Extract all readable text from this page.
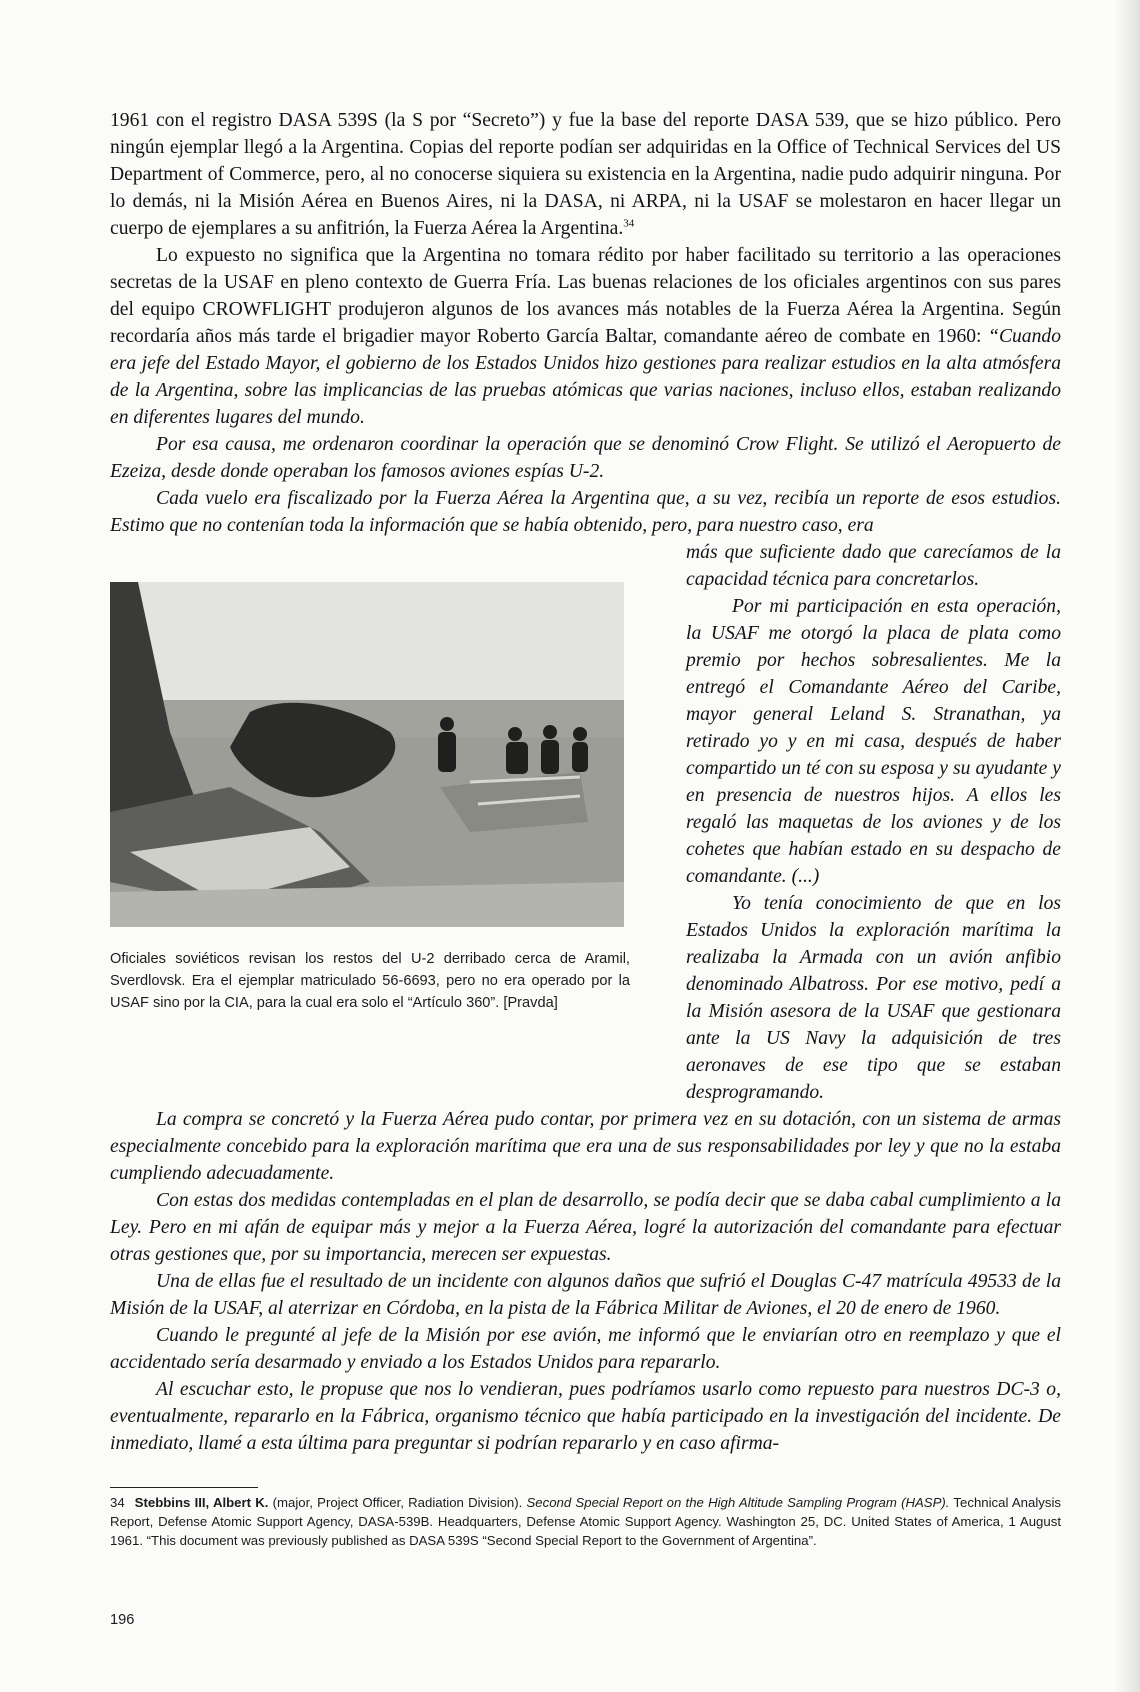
1961 con el registro DASA 539S (la S por “Secreto”) y fue la base del reporte DASA 539, que se hizo público. Pero ningún ejemplar llegó a la Argentina. Copias del reporte podían ser adquiridas en la Office of Technical Services del US Department of Commerce, pero, al no conocerse siquiera su existencia en la Argentina, nadie pudo adquirir ninguna. Por lo demás, ni la Misión Aérea en Buenos Aires, ni la DASA, ni ARPA, ni la USAF se molestaron en hacer llegar un cuerpo de ejemplares a su anfitrión, la Fuerza Aérea la Argentina.$^{34}$

Lo expuesto no significa que la Argentina no tomara rédito por haber facilitado su territorio a las operaciones secretas de la USAF en pleno contexto de Guerra Fría. Las buenas relaciones de los oficiales argentinos con sus pares del equipo CROWFLIGHT produjeron algunos de los avances más notables de la Fuerza Aérea la Argentina. Según recordaría años más tarde el brigadier mayor Roberto García Baltar, comandante aéreo de combate en 1960: “Cuando era jefe del Estado Mayor, el gobierno de los Estados Unidos hizo gestiones para realizar estudios en la alta atmósfera de la Argentina, sobre las implicancias de las pruebas atómicas que varias naciones, incluso ellos, estaban realizando en diferentes lugares del mundo.

Por esa causa, me ordenaron coordinar la operación que se denominó Crow Flight. Se utilizó el Aeropuerto de Ezeiza, desde donde operaban los famosos aviones espías U-2.

Cada vuelo era fiscalizado por la Fuerza Aérea la Argentina que, a su vez, recibía un reporte de esos estudios. Estimo que no contenían toda la información que se había obtenido, pero, para nuestro caso, era

más que suficiente dado que carecíamos de la capacidad técnica para concretarlos.

Por mi participación en esta operación, la USAF me otorgó la placa de plata como premio por hechos sobresalientes. Me la entregó el Comandante Aéreo del Caribe, mayor general Leland S. Stranathan, ya retirado yo y en mi casa, después de haber compartido un té con su esposa y su ayudante y en presencia de nuestros hijos. A ellos les regaló las maquetas de los aviones y de los cohetes que habían estado en su despacho de comandante. (...)

Yo tenía conocimiento de que en los Estados Unidos la exploración marítima la realizaba la Armada con un avión anfibio denominado Albatross. Por ese motivo, pedí a la Misión asesora de la USAF que gestionara ante la US Navy la adquisición de tres aeronaves de ese tipo que se estaban desprogramando.

La compra se concretó y la Fuerza Aérea pudo contar, por primera vez en su dotación, con un sistema de armas especialmente concebido para la exploración marítima que era una de sus responsabilidades por ley y que no la estaba cumpliendo adecuadamente.

Con estas dos medidas contempladas en el plan de desarrollo, se podía decir que se daba cabal cumplimiento a la Ley. Pero en mi afán de equipar más y mejor a la Fuerza Aérea, logré la autorización del comandante para efectuar otras gestiones que, por su importancia, merecen ser expuestas.

Una de ellas fue el resultado de un incidente con algunos daños que sufrió el Douglas C-47 matrícula 49533 de la Misión de la USAF, al aterrizar en Córdoba, en la pista de la Fábrica Militar de Aviones, el 20 de enero de 1960.

Cuando le pregunté al jefe de la Misión por ese avión, me informó que le enviarían otro en reemplazo y que el accidentado sería desarmado y enviado a los Estados Unidos para repararlo.

Al escuchar esto, le propuse que nos lo vendieran, pues podríamos usarlo como repuesto para nuestros DC-3 o, eventualmente, repararlo en la Fábrica, organismo técnico que había participado en la investigación del incidente. De inmediato, llamé a esta última para preguntar si podrían repararlo y en caso afirma-

Oficiales soviéticos revisan los restos del U-2 derribado cerca de Aramil, Sverdlovsk. Era el ejemplar matriculado 56-6693, pero no era operado por la USAF sino por la CIA, para la cual era solo el “Artículo 360”. [Pravda]
34 Stebbins III, Albert K. (major, Project Officer, Radiation Division). Second Special Report on the High Altitude Sampling Program (HASP). Technical Analysis Report, Defense Atomic Support Agency, DASA-539B. Headquarters, Defense Atomic Support Agency. Washington 25, DC. United States of America, 1 August 1961. “This document was previously published as DASA 539S “Second Special Report to the Government of Argentina”.
196
